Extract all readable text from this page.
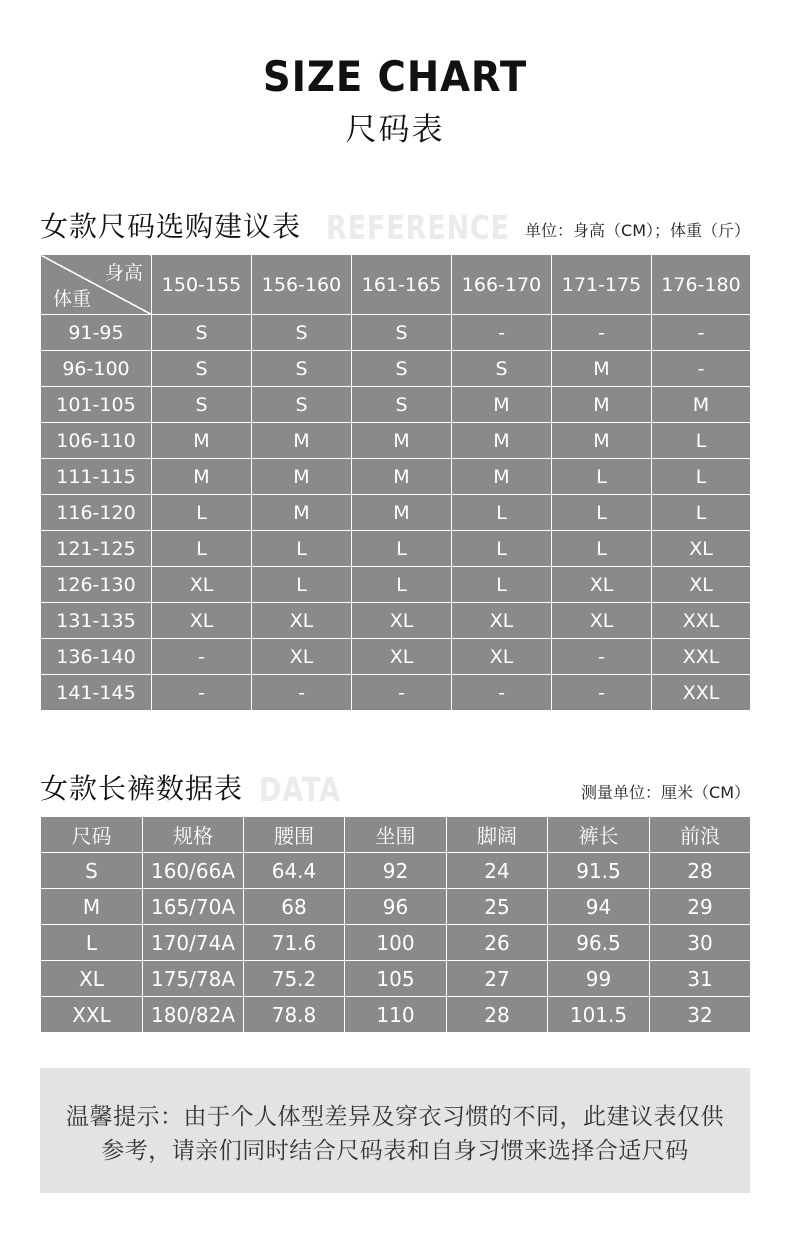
SIZE CHART
尺码表
女款尺码选购建议表 REFERENCE 单位：身高（CM）；体重（斤）
身高
体重	150-155	156-160	161-165	166-170	171-175	176-180
91-95	S	S	S	-	-	-
96-100	S	S	S	S	M	-
101-105	S	S	S	M	M	M
106-110	M	M	M	M	M	L
111-115	M	M	M	M	L	L
116-120	L	M	M	L	L	L
121-125	L	L	L	L	L	XL
126-130	XL	L	L	L	XL	XL
131-135	XL	XL	XL	XL	XL	XXL
136-140	-	XL	XL	XL	-	XXL
141-145	-	-	-	-	-	XXL
女款长裤数据表 DATA	测量单位：厘米（CM）
尺码	规格	腰围	坐围	脚阔	裤长	前浪
S	160/66A	64.4	92	24	91.5	28
M	165/70A	68	96	25	94	29
L	170/74A	71.6	100	26	96.5	30
XL	175/78A	75.2	105	27	99	31
XXL	180/82A	78.8	110	28	101.5	32
温馨提示：由于个人体型差异及穿衣习惯的不同，此建议表仅供
参考，请亲们同时结合尺码表和自身习惯来选择合适尺码
